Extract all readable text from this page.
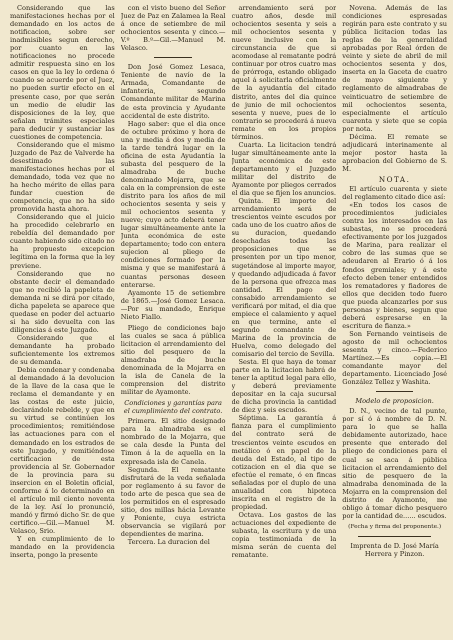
Considerando que las manifestaciones hechas por el demandado en los actos de notificacion, sobre ser inadmisibles segun derecho, por cuanto en las notificaciones no procede admitir respuesta sino en los casos en que la ley lo ordena ó cuando se acuerde por el Juez, no pueden surtir efecto en el presente caso, por que serán un medio de eludir las disposiciones de la ley, que señalan trámites especiales para deducir y sustanciar las cuestiones de competencia.

Considerando que el mismo Juzgado de Paz de Valverde ha desestimado las manifestaciones hechas por el demandado, toda vez que no ha hecho mérito de ellas para fundar cuestion de competencia, que no ha sido promovida hasta ahora.

Considerando que el juicio ha procedido celebrarlo en rebeldía del demandado por cuanto habiendo sido citado no ha propuesto excepcion legítima en la forma que la ley previene.

Considerando que no obstante decir el demandado que no recibió la papeleta de demanda ni se dirá por citado, dicha papeleta se aparece que quedase en poder del actuario si ha sido devuelta con las diligencias á este Juzgado.

Considerando que el demandante ha probado suficientemente los extremos de su demanda.

Debia condenar y condenaba al demandado á la devolucion de la llave de la casa que le reclama el demandante y en las costas de este juicio, declarándole rebelde, y que en su virtud se continúen los procedimientos; remitiéndose las actuaciones para con el demandado en los estrados de este Juzgado, y remitiéndose certificacion de esta providencia al Sr. Gobernador de la provincia para su insercion en el Boletin oficial, conforme á lo determinado en el artículo mil ciento noventa de la ley. Así lo pronunció, mandó y firmó dicho Sr. de que certifico.—Gil.—Manuel M. Velasco, Srio.

Y en cumplimiento de lo mandado en la providencia inserta, pongo la presente

con el visto bueno del Señor Juez de Paz en Zalamea la Real á once de setiembre de mil ochocientos sesenta y cinco.—V.º B.º—Gil.—Manuel M. Velasco.

Don José Gomez Lesaca, Teniente de navío de la Armada, Comandante de infanteria, segundo Comandante militar de Marina de esta provincia y Ayudante accidental de este distrito.

Hago saber: que el dia once de octubre próximo y hora de una y media á dos y media de la tarde tendrá lugar en la oficina de esta Ayudantía la subasta del pesquero de la almadraba de buche denominado Mojarra, que se cala en la comprension de este distrito para los años de mil ochocientos sesenta y seis y mil ochocientos sesenta y nueve; cuyo acto deberá tener lugar simultáneamente ante la Junta económica de este departamento; todo con entera sujecion al pliego de condiciones formado por la misma y que se manifestará á cuantas personas deseen enterarse.

Ayamonte 15 de setiembre de 1865.—José Gomez Lesaca.—Por su mandado, Enrique Nieto Fiallo.

Pliego de condiciones bajo las cuales se saca á pública licitacion el arrendamiento del sitio del pesquero de la almadraba de buche denominada de la Mojarra en la isla de Canela de la comprension del distrito militar de Ayamonte.

Condiciones y garantías para el cumplimiento del contrato.

Primera. El sitio designado para la almadraba es el nombrado de la Mojarra, que se cala desde la Punta del Timon á la de aquella en la expresada isla de Canela.

Segunda. El rematante disfrutará de la veda señalada por reglamento á su favor de todo arte de pesca que sea de los permitidos en el espresado sitio, dos millas hácia Levante y Poniente, cuya estricta observancia se vigilará por dependientes de marina.

Tercera. La duracion del

arrendamiento será por cuatro años, desde mil ochocientos sesenta y seis a mil ochocientos sesenta y nueve inclusive con la circunstancia de que si acomodase al rematante podrá continuar por otros cuatro mas de prórroga, estando obligado aquel á solicitarla oficialmente de la ayudantía del citado distrito, antes del dia quince de junio de mil ochocientos sesenta y nueve, pues de lo contrario se procederá á nueva remate en los propios términos.

Cuarta. La licitacion tendrá lugar simultáneamente ante la Junta económica de este departamento y el Juzgado militar del distrito de Ayamonte por pliegos cerrados el dia que se fijen los anuncios.

Quinta. El importe del arrendamiento será de trescientos veinte escudos por cada uno de los cuatro años de su duracion, quedando desechadas todas las proposiciones que se presenten por un tipo menor, sugetándose al importe mayor, y quedando adjudicada á favor de la persona que ofrezca mas cantidad. El pago del consabido arrendamiento se verificará por mitad, el dia que empiece el calamiento y aquel en que termine, ante el segundo comandante de Marina de la provincia de Huelva, como delegado del comisario del tercio de Sevilla.

Sesta. El que haya de tomar parte en la licitacion habrá de tener la aptitud legal para ello, y deberá previamente depositar en la caja sucursal de dicha provincia la cantidad de diez y seis escudos.

Séptima. La garantía á fianza para el cumplimiento del contrato será de trescientos veinte escudos en metálico ó en papel de la deuda del Estado, al tipo de cotizacion en el dia que se efectúe el remate, ó en fincas señaladas por el duplo de una anualidad con hipoteca inscrita en el registro de la propiedad.

Octava. Los gastos de las actuaciones del expediente de subasta, la escritura y de una copia testimoniada de la misma serán de cuenta del rematante.

Novena. Además de las condiciones espresadas regirán para este contrato y su pública licitacion todas las reglas de la generalidad aprobadas por Real órden de veinte y siete de abril de mil ochocientos sesenta y dos, inserta en la Gaceta de cuatro de mayo siguiente y reglamento de almadrabas de veinticuatro de setiembre de mil ochocientos sesenta, especialmente el artículo cuarenta y siete que se copia por nota.

Décima. El remate se adjudicará interinamente al mejor postor hasta la aprobacion del Gobierno de S. M.

NOTA.

El artículo cuarenta y siete del reglamento citado dice así:

«En todos los casos de procedimientos judiciales contra los interesados en las subastas, no se procederá efectivamente por los juzgados de Marina, para realizar el cobro de las sumas que se adeudaren al Erario ó á los fondos gremiales; y á este efecto deben tener entendidos los rematadores y fiadores de ellos que deciden todo fuero que pueda alcanzarles por sus personas y bienes, segun que deberá espresarse en la escritura de fianza.»

Son Fernando veintiseis de agosto de mil ochocientos sesenta y cinco.—Federico Martínez.—Es copia.—El comandante mayor del departamento. Licenciado José González Tellez y Washita.

Modelo de proposicion.

D. N., vecino de tal punte, por sí ó á nombre de D. N. para lo que se halla debidamente autorizado, hace presente que enterado del pliego de condiciones para el cual se saca á pública licitacion el arrendamiento del sitio de pesquero de la almadraba denominada de la Mojarra en la comprension del distrito de Ayamonte, me obligo á tomar dicho pesquero por la cantidad de...... escudos.

(Fecha y firma del proponente.)

Imprenta de D. José María Herrera y Pinzon.
